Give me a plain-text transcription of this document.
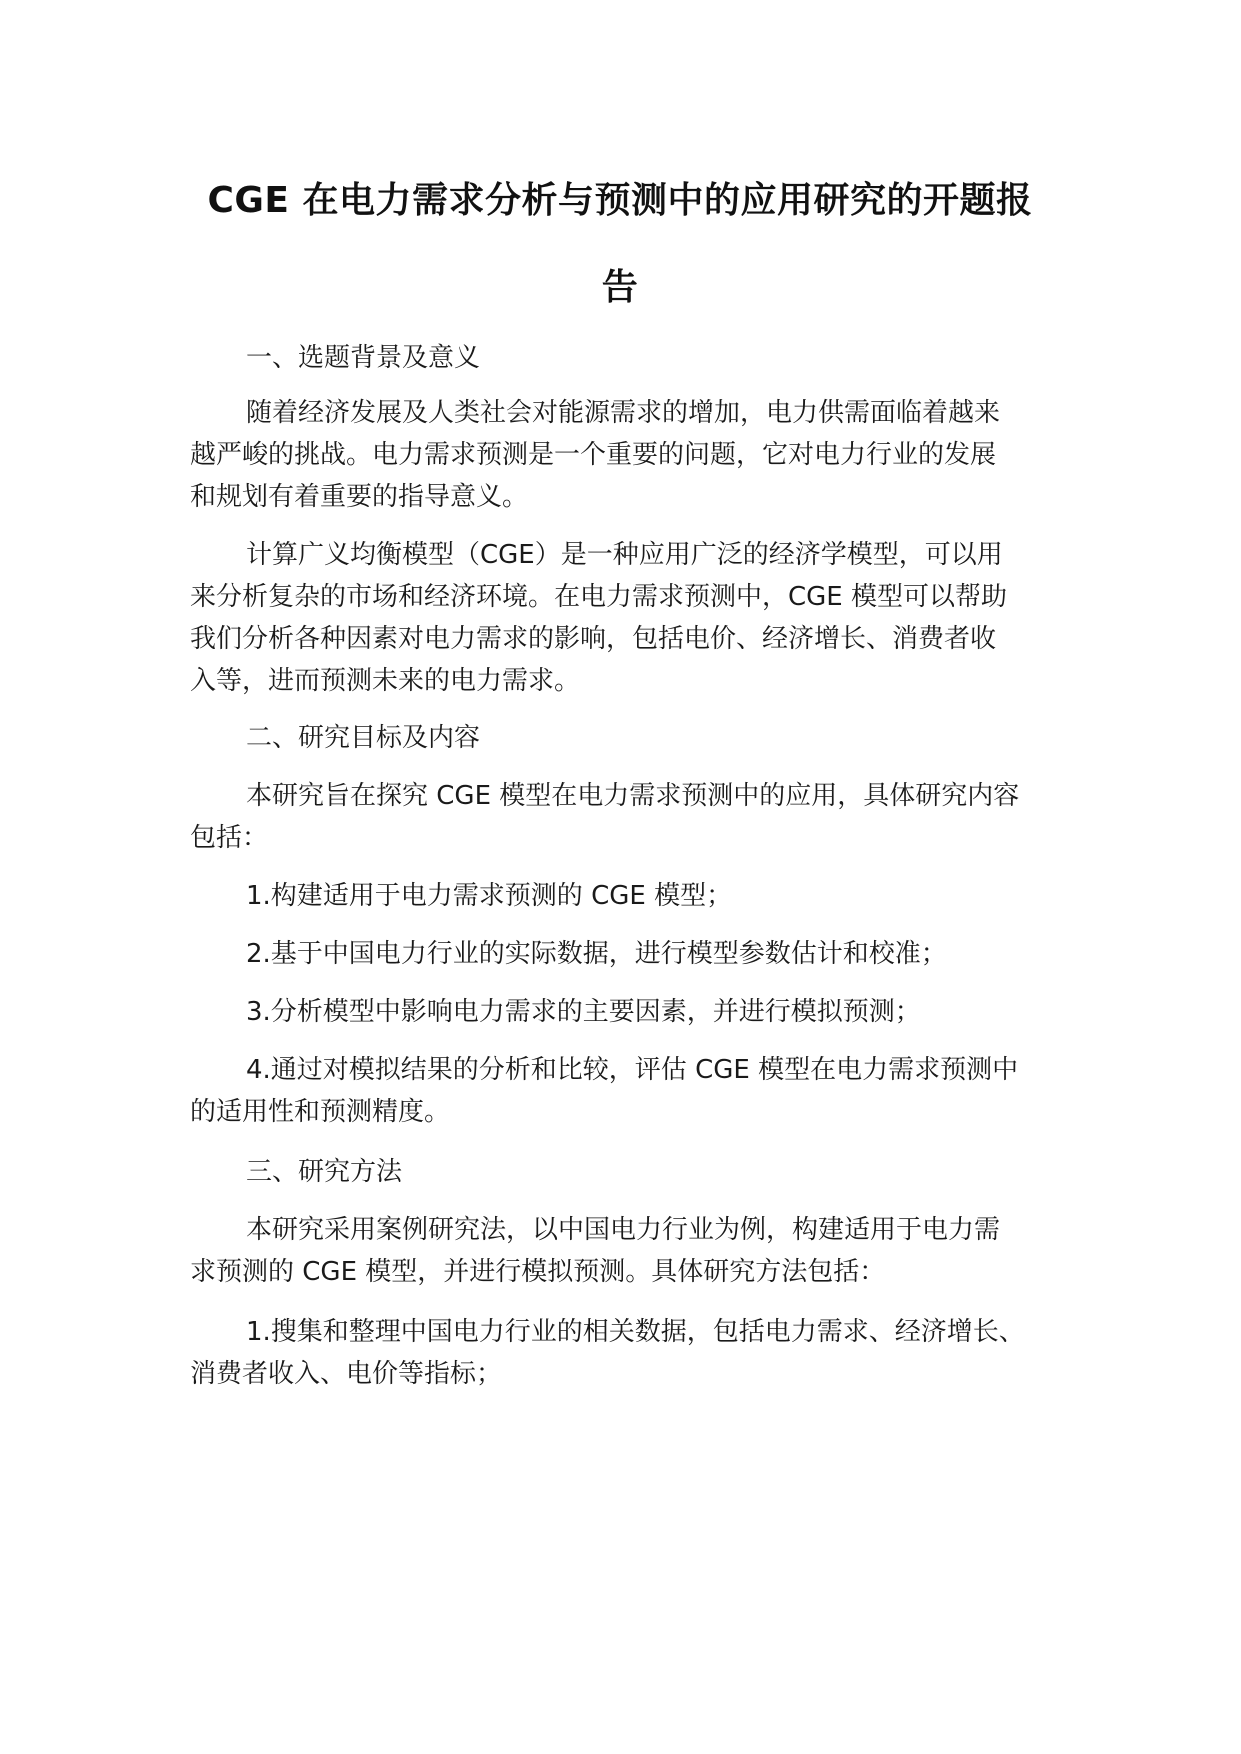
CGE 在电力需求分析与预测中的应用研究的开题报
告
一、选题背景及意义
随着经济发展及人类社会对能源需求的增加，电力供需面临着越来
越严峻的挑战。电力需求预测是一个重要的问题，它对电力行业的发展
和规划有着重要的指导意义。
计算广义均衡模型（CGE）是一种应用广泛的经济学模型，可以用
来分析复杂的市场和经济环境。在电力需求预测中，CGE 模型可以帮助
我们分析各种因素对电力需求的影响，包括电价、经济增长、消费者收
入等，进而预测未来的电力需求。
二、研究目标及内容
本研究旨在探究 CGE 模型在电力需求预测中的应用，具体研究内容
包括：
1.构建适用于电力需求预测的 CGE 模型；
2.基于中国电力行业的实际数据，进行模型参数估计和校准；
3.分析模型中影响电力需求的主要因素，并进行模拟预测；
4.通过对模拟结果的分析和比较，评估 CGE 模型在电力需求预测中
的适用性和预测精度。
三、研究方法
本研究采用案例研究法，以中国电力行业为例，构建适用于电力需
求预测的 CGE 模型，并进行模拟预测。具体研究方法包括：
1.搜集和整理中国电力行业的相关数据，包括电力需求、经济增长、
消费者收入、电价等指标；
